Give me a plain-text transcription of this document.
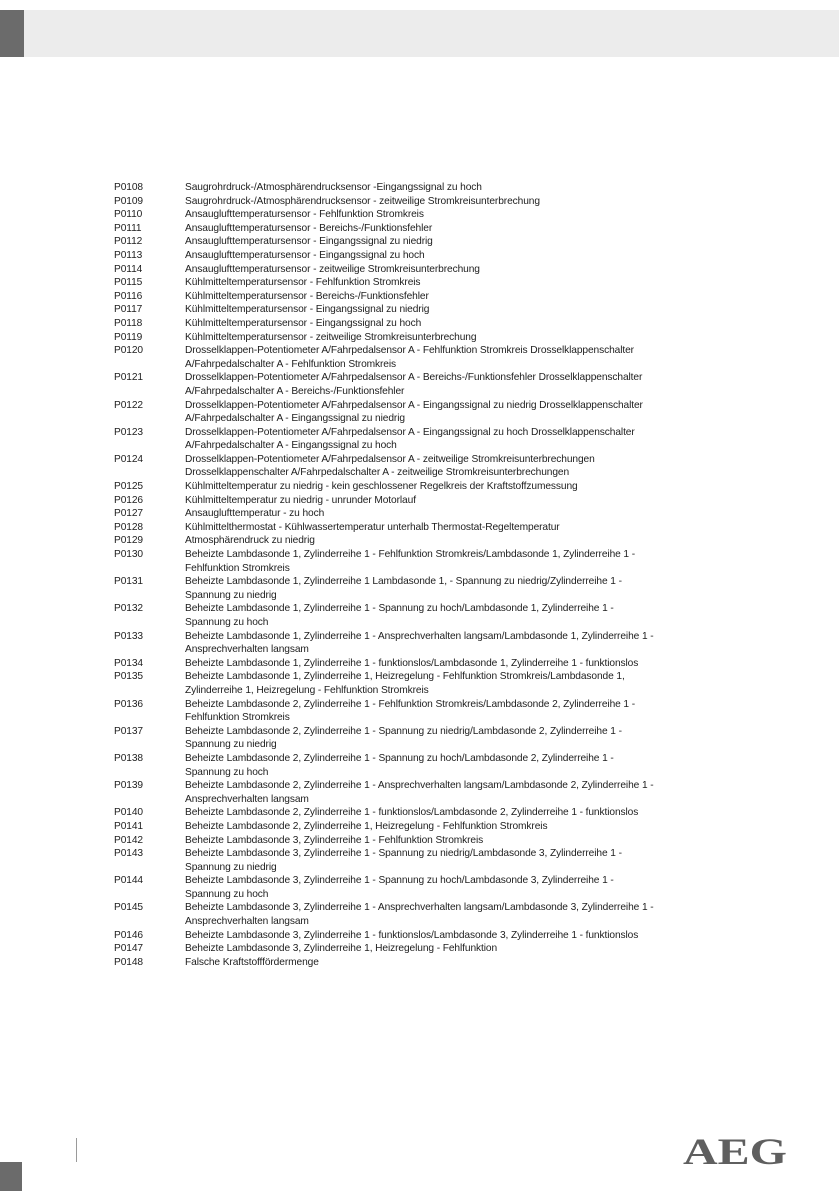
P0108	Saugrohrdruck-/Atmosphärendrucksensor -Eingangssignal zu hoch
P0109	Saugrohrdruck-/Atmosphärendrucksensor - zeitweilige Stromkreisunterbrechung
P0110	Ansauglufttemperatursensor - Fehlfunktion Stromkreis
P0111	Ansauglufttemperatursensor - Bereichs-/Funktionsfehler
P0112	Ansauglufttemperatursensor - Eingangssignal zu niedrig
P0113	Ansauglufttemperatursensor - Eingangssignal zu hoch
P0114	Ansauglufttemperatursensor - zeitweilige Stromkreisunterbrechung
P0115	Kühlmitteltemperatursensor - Fehlfunktion Stromkreis
P0116	Kühlmitteltemperatursensor - Bereichs-/Funktionsfehler
P0117	Kühlmitteltemperatursensor - Eingangssignal zu niedrig
P0118	Kühlmitteltemperatursensor - Eingangssignal zu hoch
P0119	Kühlmitteltemperatursensor - zeitweilige Stromkreisunterbrechung
P0120	Drosselklappen-Potentiometer A/Fahrpedalsensor A - Fehlfunktion Stromkreis Drosselklappenschalter
A/Fahrpedalschalter A - Fehlfunktion Stromkreis
P0121	Drosselklappen-Potentiometer A/Fahrpedalsensor A - Bereichs-/Funktionsfehler Drosselklappenschalter
A/Fahrpedalschalter A - Bereichs-/Funktionsfehler
P0122	Drosselklappen-Potentiometer A/Fahrpedalsensor A - Eingangssignal zu niedrig Drosselklappenschalter
A/Fahrpedalschalter A - Eingangssignal zu niedrig
P0123	Drosselklappen-Potentiometer A/Fahrpedalsensor A - Eingangssignal zu hoch Drosselklappenschalter
A/Fahrpedalschalter A - Eingangssignal zu hoch
P0124	Drosselklappen-Potentiometer A/Fahrpedalsensor A - zeitweilige Stromkreisunterbrechungen
Drosselklappenschalter A/Fahrpedalschalter A - zeitweilige Stromkreisunterbrechungen
P0125	Kühlmitteltemperatur zu niedrig - kein geschlossener Regelkreis der Kraftstoffzumessung
P0126	Kühlmitteltemperatur zu niedrig - unrunder Motorlauf
P0127	Ansauglufttemperatur - zu hoch
P0128	Kühlmittelthermostat - Kühlwassertemperatur unterhalb Thermostat-Regeltemperatur
P0129	Atmosphärendruck zu niedrig
P0130	Beheizte Lambdasonde 1, Zylinderreihe 1 - Fehlfunktion Stromkreis/Lambdasonde 1, Zylinderreihe 1 -
Fehlfunktion Stromkreis
P0131	Beheizte Lambdasonde 1, Zylinderreihe 1 Lambdasonde 1, - Spannung zu niedrig/Zylinderreihe 1 -
Spannung zu niedrig
P0132	Beheizte Lambdasonde 1, Zylinderreihe 1 - Spannung zu hoch/Lambdasonde 1, Zylinderreihe 1 -
Spannung zu hoch
P0133	Beheizte Lambdasonde 1, Zylinderreihe 1 - Ansprechverhalten langsam/Lambdasonde 1, Zylinderreihe 1 -
Ansprechverhalten langsam
P0134	Beheizte Lambdasonde 1, Zylinderreihe 1 - funktionslos/Lambdasonde 1, Zylinderreihe 1 - funktionslos
P0135	Beheizte Lambdasonde 1, Zylinderreihe 1, Heizregelung - Fehlfunktion Stromkreis/Lambdasonde 1,
Zylinderreihe 1, Heizregelung - Fehlfunktion Stromkreis
P0136	Beheizte Lambdasonde 2, Zylinderreihe 1 - Fehlfunktion Stromkreis/Lambdasonde 2, Zylinderreihe 1 -
Fehlfunktion Stromkreis
P0137	Beheizte Lambdasonde 2, Zylinderreihe 1 - Spannung zu niedrig/Lambdasonde 2, Zylinderreihe 1 -
Spannung zu niedrig
P0138	Beheizte Lambdasonde 2, Zylinderreihe 1 - Spannung zu hoch/Lambdasonde 2, Zylinderreihe 1 -
Spannung zu hoch
P0139	Beheizte Lambdasonde 2, Zylinderreihe 1 - Ansprechverhalten langsam/Lambdasonde 2, Zylinderreihe 1 -
Ansprechverhalten langsam
P0140	Beheizte Lambdasonde 2, Zylinderreihe 1 - funktionslos/Lambdasonde 2, Zylinderreihe 1 - funktionslos
P0141	Beheizte Lambdasonde 2, Zylinderreihe 1, Heizregelung - Fehlfunktion Stromkreis
P0142	Beheizte Lambdasonde 3, Zylinderreihe 1 - Fehlfunktion Stromkreis
P0143	Beheizte Lambdasonde 3, Zylinderreihe 1 - Spannung zu niedrig/Lambdasonde 3, Zylinderreihe 1 -
Spannung zu niedrig
P0144	Beheizte Lambdasonde 3, Zylinderreihe 1 - Spannung zu hoch/Lambdasonde 3, Zylinderreihe 1 -
Spannung zu hoch
P0145	Beheizte Lambdasonde 3, Zylinderreihe 1 - Ansprechverhalten langsam/Lambdasonde 3, Zylinderreihe 1 -
Ansprechverhalten langsam
P0146	Beheizte Lambdasonde 3, Zylinderreihe 1 - funktionslos/Lambdasonde 3, Zylinderreihe 1 - funktionslos
P0147	Beheizte Lambdasonde 3, Zylinderreihe 1, Heizregelung - Fehlfunktion
P0148	Falsche Kraftstofffördermenge
AEG
